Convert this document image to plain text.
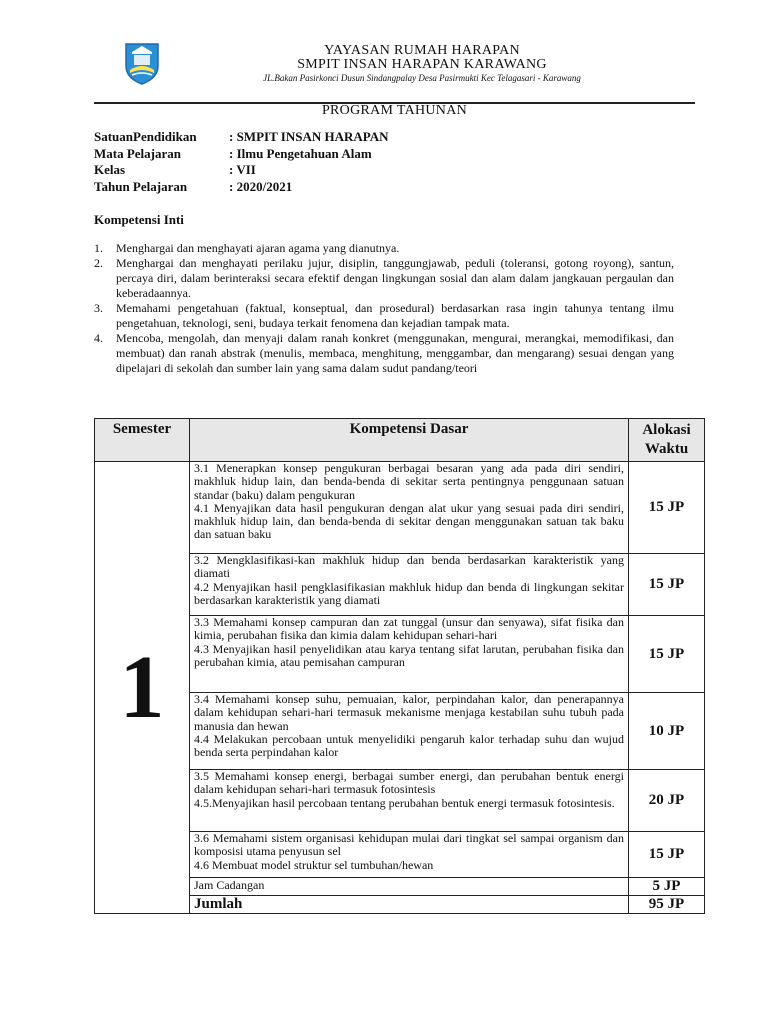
YAYASAN RUMAH HARAPAN
SMPIT INSAN HARAPAN KARAWANG
JL.Bakan Pasirkonci Dusun Sindangpalay Desa Pasirmukti Kec Telagasari - Karawang
PROGRAM TAHUNAN
SatuanPendidikan	: SMPIT INSAN HARAPAN
Mata Pelajaran	: Ilmu Pengetahuan Alam
Kelas	: VII
Tahun Pelajaran	: 2020/2021
Kompetensi Inti
1.	Menghargai dan menghayati ajaran agama yang dianutnya.
2.	Menghargai dan menghayati perilaku jujur, disiplin, tanggungjawab, peduli (toleransi, gotong royong), santun, percaya diri, dalam berinteraksi secara efektif dengan lingkungan sosial dan alam dalam jangkauan pergaulan dan keberadaannya.
3.	Memahami pengetahuan (faktual, konseptual, dan prosedural) berdasarkan rasa ingin tahunya tentang ilmu pengetahuan, teknologi, seni, budaya terkait fenomena dan kejadian tampak mata.
4.	Mencoba, mengolah, dan menyaji dalam ranah konkret (menggunakan, mengurai, merangkai, memodifikasi, dan membuat) dan ranah abstrak (menulis, membaca, menghitung, menggambar, dan mengarang) sesuai dengan yang dipelajari di sekolah dan sumber lain yang sama dalam sudut pandang/teori
Semester	Kompetensi Dasar	Alokasi Waktu
1	3.1 Menerapkan konsep pengukuran berbagai besaran yang ada pada diri sendiri, makhluk hidup lain, dan benda-benda di sekitar serta pentingnya penggunaan satuan standar (baku) dalam pengukuran
4.1 Menyajikan data hasil pengukuran dengan alat ukur yang sesuai pada diri sendiri, makhluk hidup lain, dan benda-benda di sekitar dengan menggunakan satuan tak baku dan satuan baku	15 JP

	3.2 Mengklasifikasi-kan makhluk hidup dan benda berdasarkan karakteristik yang diamati
4.2 Menyajikan hasil pengklasifikasian makhluk hidup dan benda di lingkungan sekitar berdasarkan karakteristik yang diamati	15 JP

	3.3 Memahami konsep campuran dan zat tunggal (unsur dan senyawa), sifat fisika dan kimia, perubahan fisika dan kimia dalam kehidupan sehari-hari
4.3 Menyajikan hasil penyelidikan atau karya tentang sifat larutan, perubahan fisika dan perubahan kimia, atau pemisahan campuran	15 JP

	3.4 Memahami konsep suhu, pemuaian, kalor, perpindahan kalor, dan penerapannya dalam kehidupan sehari-hari termasuk mekanisme menjaga kestabilan suhu tubuh pada manusia dan hewan
4.4 Melakukan percobaan untuk menyelidiki pengaruh kalor terhadap suhu dan wujud benda serta perpindahan kalor	10 JP

	3.5 Memahami konsep energi, berbagai sumber energi, dan perubahan bentuk energi dalam kehidupan sehari-hari termasuk fotosintesis
4.5.Menyajikan hasil percobaan tentang perubahan bentuk energi termasuk fotosintesis.	20 JP

	3.6 Memahami sistem organisasi kehidupan mulai dari tingkat sel sampai organism dan komposisi utama penyusun sel
4.6 Membuat model struktur sel tumbuhan/hewan	15 JP
	Jam Cadangan	5 JP
	Jumlah	95 JP
